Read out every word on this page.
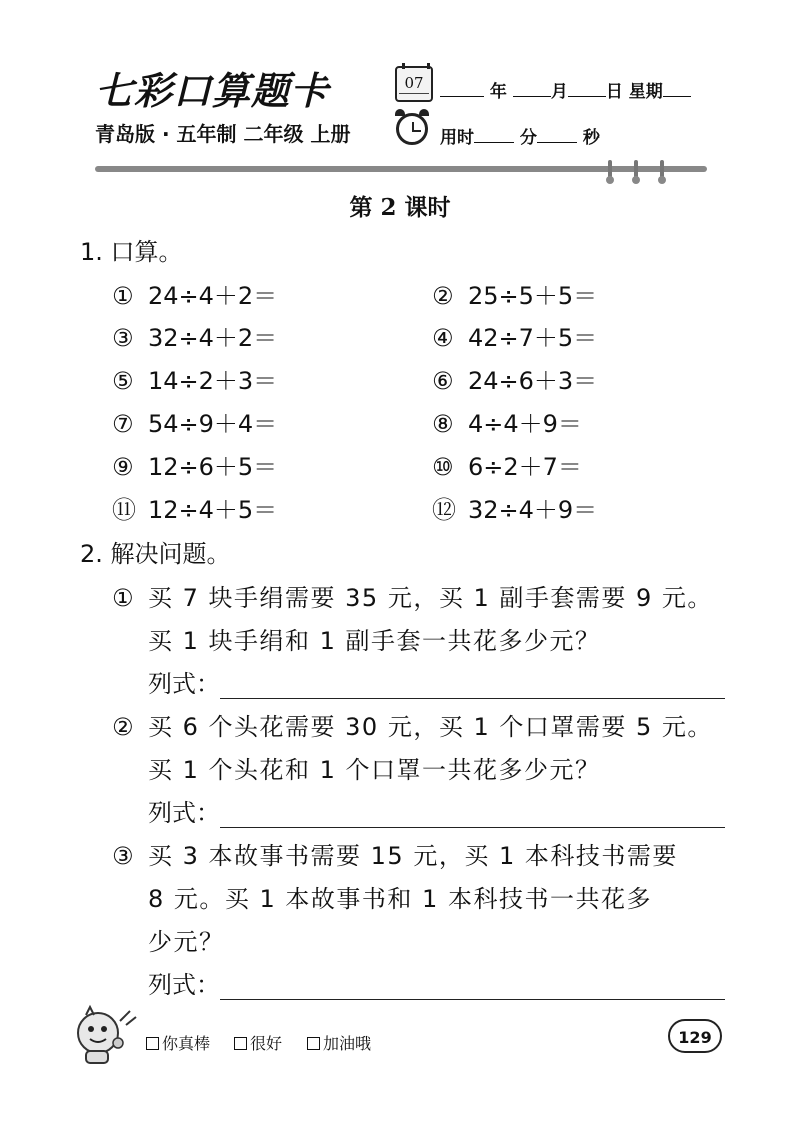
七彩口算题卡
青岛版 · 五年制 二年级 上册
07	年	月 日 星期
用时	分	秒
第 2 课时
1. 口算。
① 24÷4＋2＝	② 25÷5＋5＝
③ 32÷4＋2＝	④ 42÷7＋5＝
⑤ 14÷2＋3＝	⑥ 24÷6＋3＝
⑦ 54÷9＋4＝	⑧ 4÷4＋9＝
⑨ 12÷6＋5＝	⑩ 6÷2＋7＝
⑪ 12÷4＋5＝	⑫ 32÷4＋9＝
2. 解决问题。
① 买 7 块手绢需要 35 元，买 1 副手套需要 9 元。
买 1 块手绢和 1 副手套一共花多少元？
列式：
② 买 6 个头花需要 30 元，买 1 个口罩需要 5 元。
买 1 个头花和 1 个口罩一共花多少元？
列式：
③ 买 3 本故事书需要 15 元，买 1 本科技书需要
8 元。买 1 本故事书和 1 本科技书一共花多
少元？
列式：
你真棒	很好	加油哦	129
